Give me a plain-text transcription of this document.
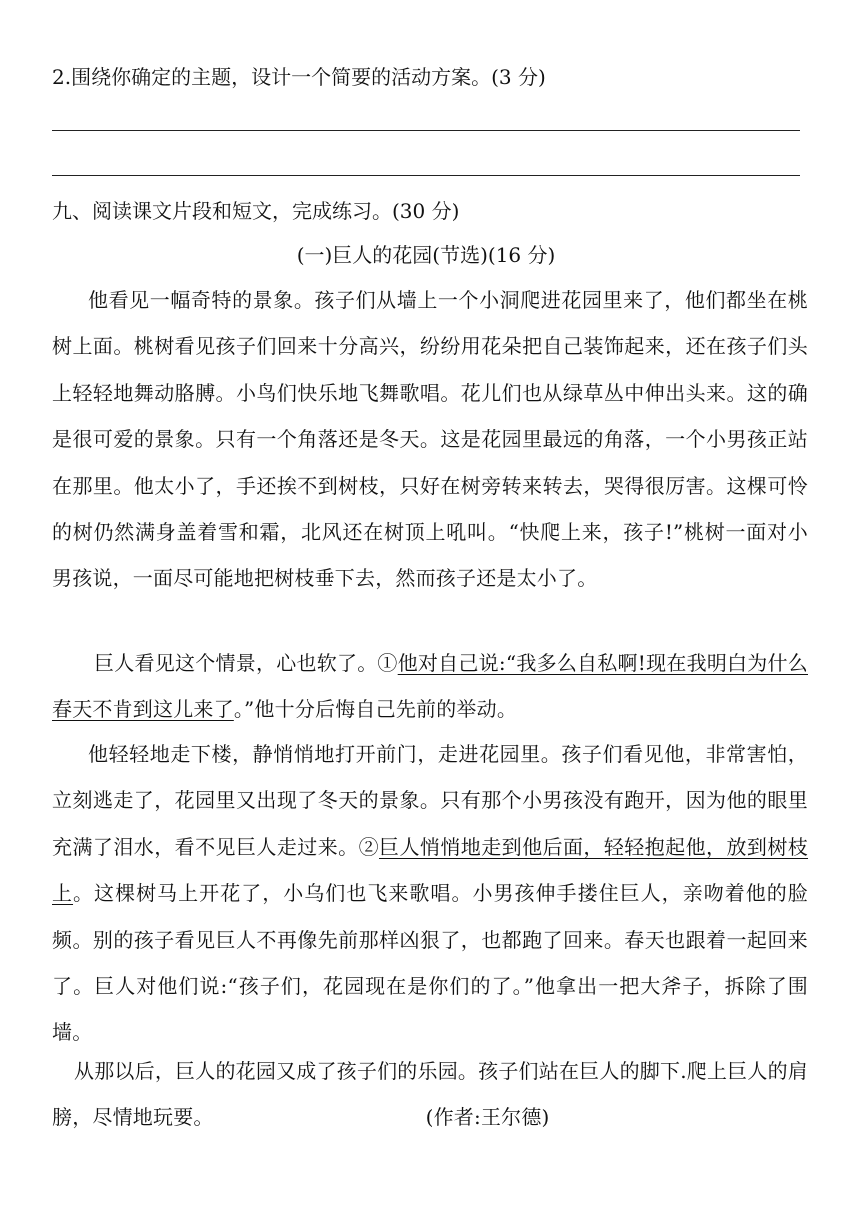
2.围绕你确定的主题，设计一个简要的活动方案。(3 分)
九、阅读课文片段和短文，完成练习。(30 分)
(一)巨人的花园(节选)(16 分)
他看见一幅奇特的景象。孩子们从墙上一个小洞爬进花园里来了，他们都坐在桃树上面。桃树看见孩子们回来十分高兴，纷纷用花朵把自己装饰起来，还在孩子们头上轻轻地舞动胳膊。小鸟们快乐地飞舞歌唱。花儿们也从绿草丛中伸出头来。这的确是很可爱的景象。只有一个角落还是冬天。这是花园里最远的角落，一个小男孩正站在那里。他太小了，手还挨不到树枝，只好在树旁转来转去，哭得很厉害。这棵可怜的树仍然满身盖着雪和霜，北风还在树顶上吼叫。“快爬上来，孩子!”桃树一面对小男孩说，一面尽可能地把树枝垂下去，然而孩子还是太小了。
巨人看见这个情景，心也软了。①他对自己说:“我多么自私啊!现在我明白为什么春天不肯到这儿来了。”他十分后悔自己先前的举动。
他轻轻地走下楼，静悄悄地打开前门，走进花园里。孩子们看见他，非常害怕，立刻逃走了，花园里又出现了冬天的景象。只有那个小男孩没有跑开，因为他的眼里充满了泪水，看不见巨人走过来。②巨人悄悄地走到他后面，轻轻抱起他，放到树枝上。这棵树马上开花了，小乌们也飞来歌唱。小男孩伸手搂住巨人，亲吻着他的脸频。别的孩子看见巨人不再像先前那样凶狠了，也都跑了回来。春天也跟着一起回来了。巨人对他们说:“孩子们，花园现在是你们的了。”他拿出一把大斧子，拆除了围墙。
从那以后，巨人的花园又成了孩子们的乐园。孩子们站在巨人的脚下.爬上巨人的肩膀，尽情地玩要。	(作者:王尔德)
